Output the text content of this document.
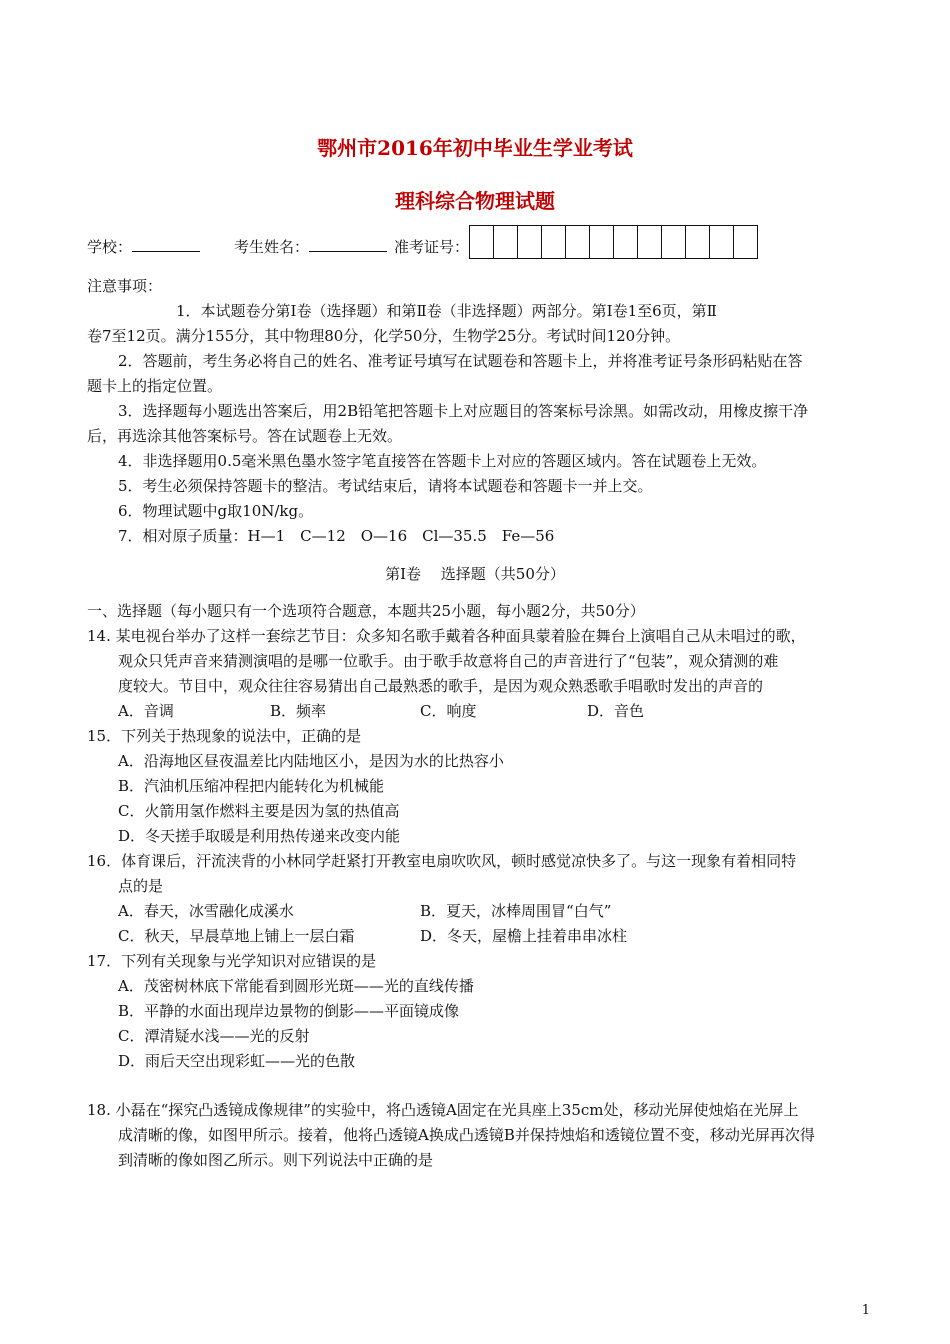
鄂州市2016年初中毕业生学业考试
理科综合物理试题
学校：	考生姓名：	准考证号：
注意事项：
1．本试题卷分第Ⅰ卷（选择题）和第Ⅱ卷（非选择题）两部分。第Ⅰ卷1至6页，第Ⅱ
卷7至12页。满分155分，其中物理80分，化学50分，生物学25分。考试时间120分钟。
2．答题前，考生务必将自己的姓名、准考证号填写在试题卷和答题卡上，并将准考证号条形码粘贴在答
题卡上的指定位置。
3．选择题每小题选出答案后，用2B铅笔把答题卡上对应题目的答案标号涂黑。如需改动，用橡皮擦干净
后，再选涂其他答案标号。答在试题卷上无效。
4．非选择题用0.5毫米黑色墨水签字笔直接答在答题卡上对应的答题区域内。答在试题卷上无效。
5．考生必须保持答题卡的整洁。考试结束后，请将本试题卷和答题卡一并上交。
6．物理试题中g取10N/kg。
7．相对原子质量：H—1　C—12　O—16　Cl—35.5　Fe—56
第Ⅰ卷　 选择题（共50分）
一、选择题（每小题只有一个选项符合题意，本题共25小题，每小题2分，共50分）
14. 某电视台举办了这样一套综艺节目：众多知名歌手戴着各种面具蒙着脸在舞台上演唱自己从未唱过的歌，
观众只凭声音来猜测演唱的是哪一位歌手。由于歌手故意将自己的声音进行了“包装”，观众猜测的难
度较大。节目中，观众往往容易猜出自己最熟悉的歌手，是因为观众熟悉歌手唱歌时发出的声音的
A．音调	B．频率	C．响度	D．音色
15．下列关于热现象的说法中，正确的是
A．沿海地区昼夜温差比内陆地区小，是因为水的比热容小
B．汽油机压缩冲程把内能转化为机械能
C．火箭用氢作燃料主要是因为氢的热值高
D．冬天搓手取暖是利用热传递来改变内能
16．体育课后，汗流浃背的小林同学赶紧打开教室电扇吹吹风，顿时感觉凉快多了。与这一现象有着相同特
点的是
A．春天，冰雪融化成溪水	B．夏天，冰棒周围冒“白气”
C．秋天，早晨草地上铺上一层白霜	D．冬天，屋檐上挂着串串冰柱
17．下列有关现象与光学知识对应错误的是
A．茂密树林底下常能看到圆形光斑——光的直线传播
B．平静的水面出现岸边景物的倒影——平面镜成像
C．潭清疑水浅——光的反射
D．雨后天空出现彩虹——光的色散
18. 小磊在“探究凸透镜成像规律”的实验中，将凸透镜A固定在光具座上35cm处，移动光屏使烛焰在光屏上
成清晰的像，如图甲所示。接着，他将凸透镜A换成凸透镜B并保持烛焰和透镜位置不变，移动光屏再次得
到清晰的像如图乙所示。则下列说法中正确的是
1
